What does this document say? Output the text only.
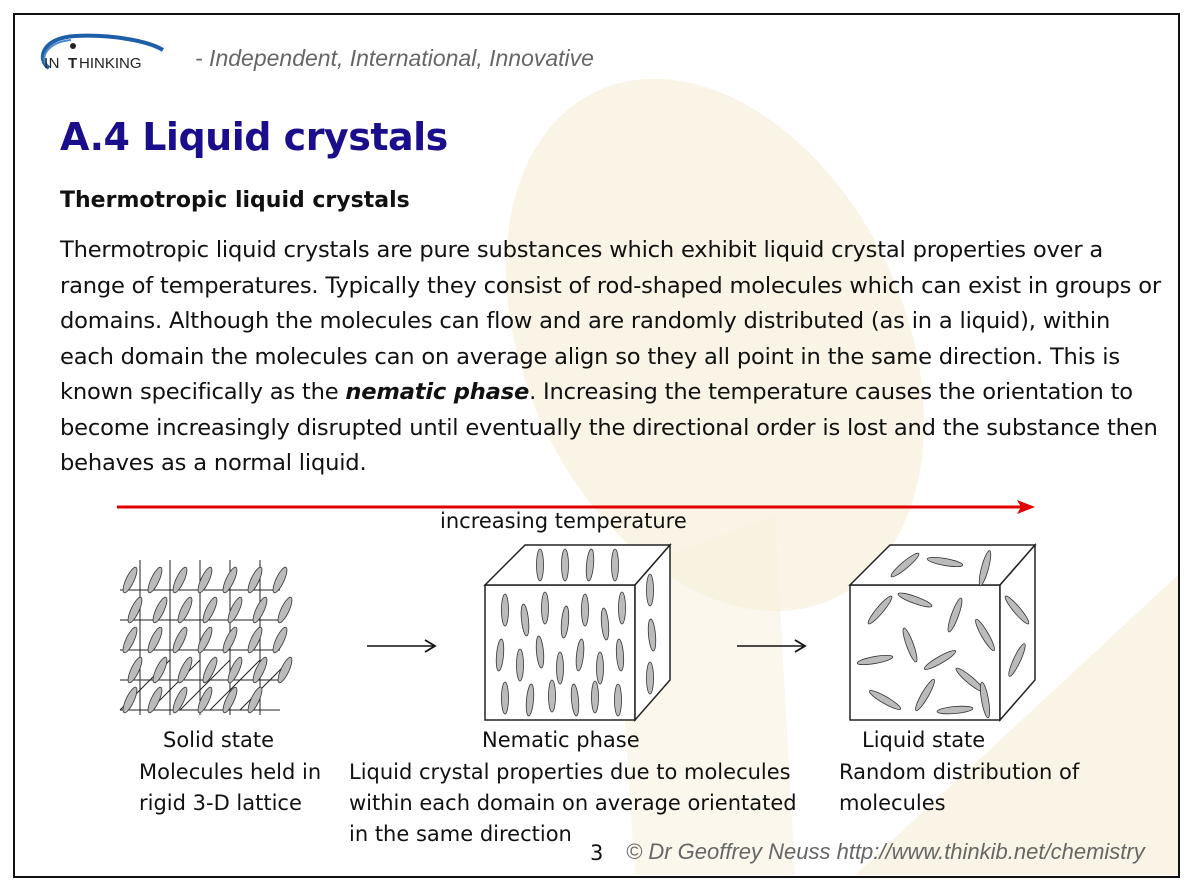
IN T HINKING - Independent, International, Innovative
A.4 Liquid crystals
Thermotropic liquid crystals
Thermotropic liquid crystals are pure substances which exhibit liquid crystal properties over a range of temperatures. Typically they consist of rod-shaped molecules which can exist in groups or domains. Although the molecules can flow and are randomly distributed (as in a liquid), within each domain the molecules can on average align so they all point in the same direction. This is known specifically as the nematic phase. Increasing the temperature causes the orientation to become increasingly disrupted until eventually the directional order is lost and the substance then behaves as a normal liquid.
increasing temperature
Solid state
Molecules held in
rigid 3-D lattice
Nematic phase
Liquid crystal properties due to molecules
within each domain on average orientated
in the same direction
Liquid state
Random distribution of
molecules
3 © Dr Geoffrey Neuss http://www.thinkib.net/chemistry
